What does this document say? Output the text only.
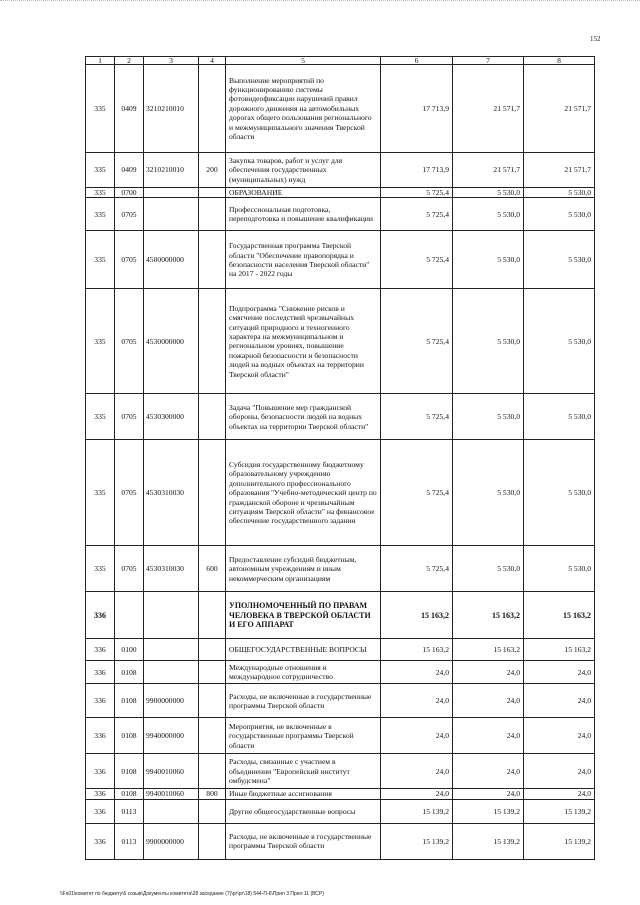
152
1	2	3	4	5	6	7	8
335	0409	3210210010		Выполнение мероприятий по функционированию системы фотовидеофиксации нарушений правил дорожного движения на автомобильных дорогах общего пользования регионального и межмуниципального значения Тверской области	17 713,9	21 571,7	21 571,7
335	0409	3210210010	200	Закупка товаров, работ и услуг для обеспечения государственных (муниципальных) нужд	17 713,9	21 571,7	21 571,7
335	0700			ОБРАЗОВАНИЕ	5 725,4	5 530,0	5 530,0
335	0705			Профессиональная подготовка, переподготовка и повышение квалификации	5 725,4	5 530,0	5 530,0
335	0705	4500000000		Государственная программа Тверской области "Обеспечение правопорядка и безопасности населения Тверской области" на 2017 - 2022 годы	5 725,4	5 530,0	5 530,0
335	0705	4530000000		Подпрограмма "Снижение рисков и смягчение последствий чрезвычайных ситуаций природного и техногенного характера на межмуниципальном и региональном уровнях, повышение пожарной безопасности и безопасности людей на водных объектах на территории Тверской области"	5 725,4	5 530,0	5 530,0
335	0705	4530300000		Задача "Повышение мер гражданской обороны, безопасности людей на водных объектах на территории Тверской области"	5 725,4	5 530,0	5 530,0
335	0705	4530310030		Субсидия государственному бюджетному образовательному учреждению дополнительного профессионального образования "Учебно-методический центр по гражданской обороне и чрезвычайным ситуациям Тверской области" на финансовое обеспечение государственного задания	5 725,4	5 530,0	5 530,0
335	0705	4530310030	600	Предоставление субсидий бюджетным, автономным учреждениям и иным некоммерческим организациям	5 725,4	5 530,0	5 530,0
336				УПОЛНОМОЧЕННЫЙ ПО ПРАВАМ ЧЕЛОВЕКА В ТВЕРСКОЙ ОБЛАСТИ И ЕГО АППАРАТ	15 163,2	15 163,2	15 163,2
336	0100			ОБЩЕГОСУДАРСТВЕННЫЕ ВОПРОСЫ	15 163,2	15 163,2	15 163,2
336	0108			Международные отношения и международное сотрудничество	24,0	24,0	24,0
336	0108	9900000000		Расходы, не включенные в государственные программы Тверской области	24,0	24,0	24,0
336	0108	9940000000		Мероприятия, не включенные в государственные программы Тверской области	24,0	24,0	24,0
336	0108	9940010060		Расходы, связанные с участием в объединении "Европейский институт омбудсмена"	24,0	24,0	24,0
336	0108	9940010060	800	Иные бюджетные ассигнования	24,0	24,0	24,0
336	0113			Другие общегосударственные вопросы	15 139,2	15 139,2	15 139,2
336	0113	9900000000		Расходы, не включенные в государственные программы Тверской области	15 139,2	15 139,2	15 139,2
\\Fs01\комитет по бюджету\6 созыв\Документы комитета\28 заседание (7)\рг\рг\18) 544-П-6\Прил 3 Прил 11 (ВСР)
